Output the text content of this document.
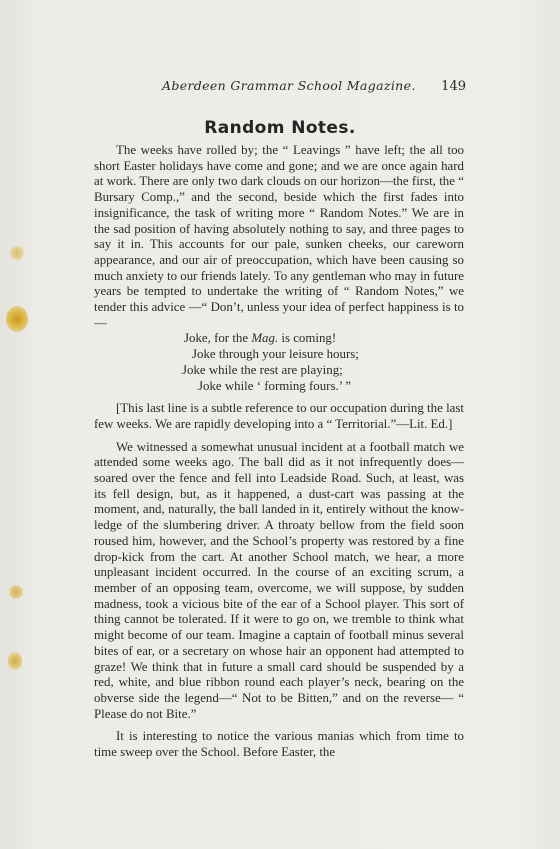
Aberdeen Grammar School Magazine. 149
Random Notes.

The weeks have rolled by; the “ Leavings ” have left; the all too short Easter holidays have come and gone; and we are once again hard at work. There are only two dark clouds on our horizon—the first, the “ Bursary Comp.,” and the second, beside which the first fades into insignificance, the task of writing more “ Random Notes.” We are in the sad position of having absolutely nothing to say, and three pages to say it in. This accounts for our pale, sunken cheeks, our careworn appearance, and our air of preoccupation, which have been causing so much anxiety to our friends lately. To any gentleman who may in future years be tempted to undertake the writing of “ Random Notes,” we tender this advice —“ Don’t, unless your idea of perfect happiness is to—

Joke, for the Mag. is coming!
Joke through your leisure hours;
Joke while the rest are playing;
Joke while ‘ forming fours.’ ”

[This last line is a subtle reference to our occupation during the last few weeks. We are rapidly developing into a “ Territorial.”—Lit. Ed.]

We witnessed a somewhat unusual incident at a football match we attended some weeks ago. The ball did as it not infrequently does—soared over the fence and fell into Leadside Road. Such, at least, was its fell design, but, as it happened, a dust-cart was passing at the moment, and, naturally, the ball landed in it, entirely without the knowledge of the slumbering driver. A throaty bellow from the field soon roused him, however, and the School’s property was restored by a fine drop-kick from the cart. At another School match, we hear, a more unpleasant incident occurred. In the course of an exciting scrum, a member of an opposing team, overcome, we will suppose, by sudden madness, took a vicious bite of the ear of a School player. This sort of thing cannot be tolerated. If it were to go on, we tremble to think what might become of our team. Imagine a captain of football minus several bites of ear, or a secretary on whose hair an opponent had attempted to graze! We think that in future a small card should be suspended by a red, white, and blue ribbon round each player’s neck, bearing on the obverse side the legend—“ Not to be Bitten,” and on the reverse— “ Please do not Bite.”

It is interesting to notice the various manias which from time to time sweep over the School. Before Easter, the
